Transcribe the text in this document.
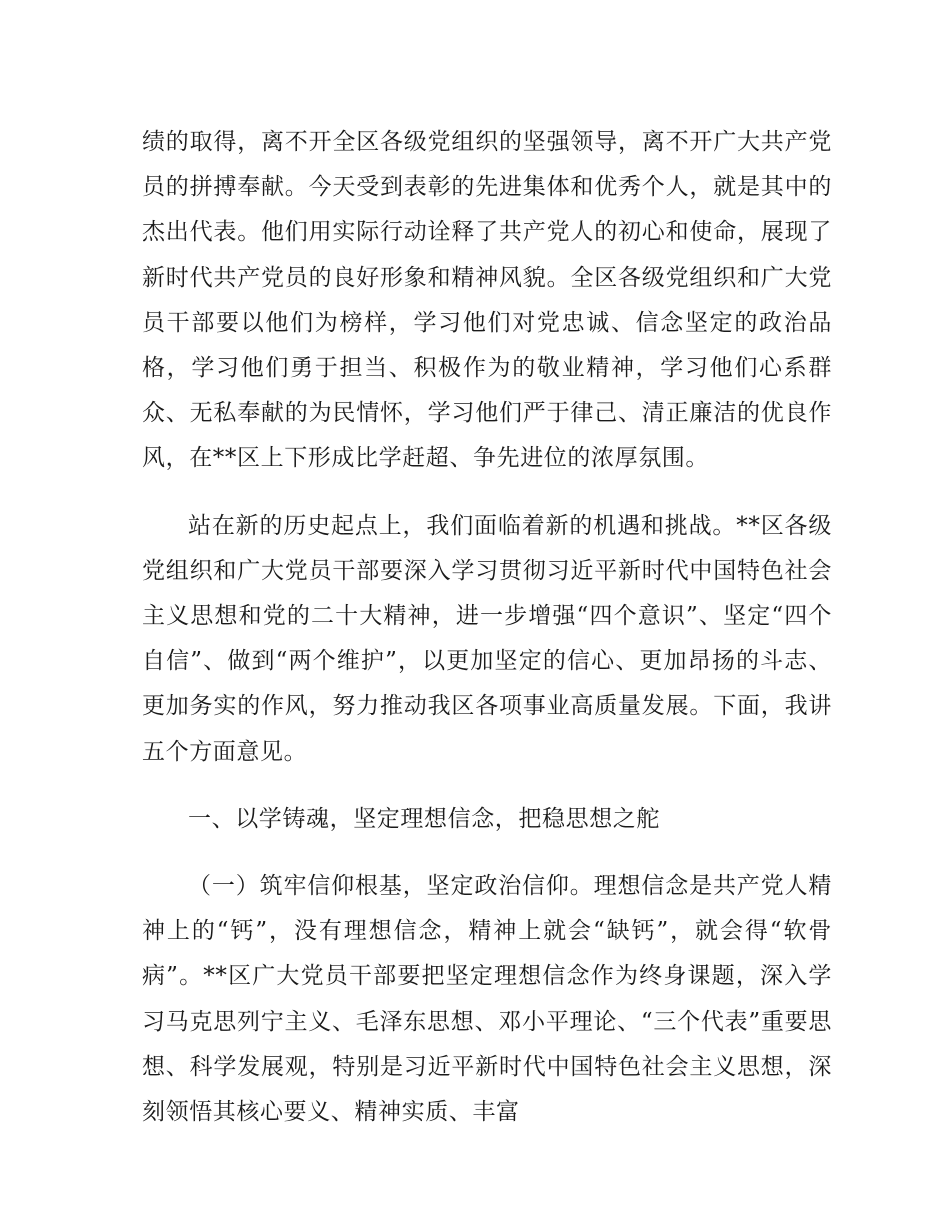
绩的取得，离不开全区各级党组织的坚强领导，离不开广大共产党员的拼搏奉献。今天受到表彰的先进集体和优秀个人，就是其中的杰出代表。他们用实际行动诠释了共产党人的初心和使命，展现了新时代共产党员的良好形象和精神风貌。全区各级党组织和广大党员干部要以他们为榜样，学习他们对党忠诚、信念坚定的政治品格，学习他们勇于担当、积极作为的敬业精神，学习他们心系群众、无私奉献的为民情怀，学习他们严于律己、清正廉洁的优良作风，在**区上下形成比学赶超、争先进位的浓厚氛围。

站在新的历史起点上，我们面临着新的机遇和挑战。**区各级党组织和广大党员干部要深入学习贯彻习近平新时代中国特色社会主义思想和党的二十大精神，进一步增强“四个意识”、坚定“四个自信”、做到“两个维护”，以更加坚定的信心、更加昂扬的斗志、更加务实的作风，努力推动我区各项事业高质量发展。下面，我讲五个方面意见。

一、以学铸魂，坚定理想信念，把稳思想之舵

（一）筑牢信仰根基，坚定政治信仰。理想信念是共产党人精神上的“钙”，没有理想信念，精神上就会“缺钙”，就会得“软骨病”。**区广大党员干部要把坚定理想信念作为终身课题，深入学习马克思列宁主义、毛泽东思想、邓小平理论、“三个代表”重要思想、科学发展观，特别是习近平新时代中国特色社会主义思想，深刻领悟其核心要义、精神实质、丰富
